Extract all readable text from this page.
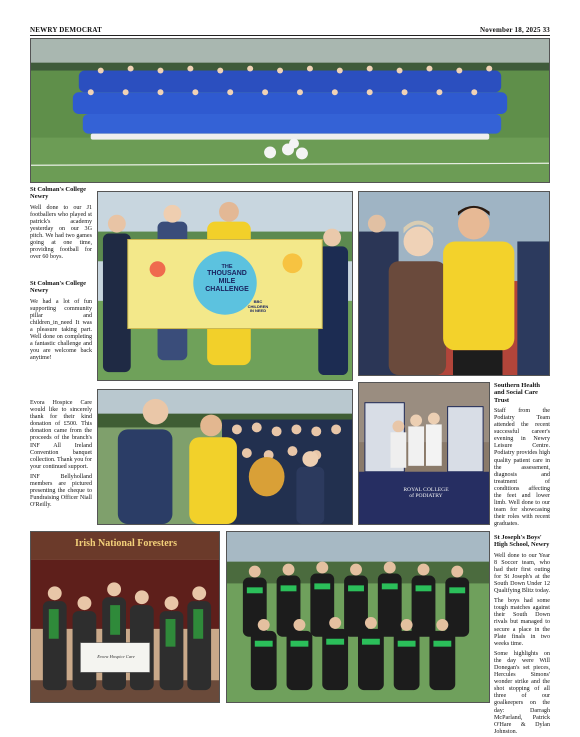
NEWRY DEMOCRAT	November 18, 2025 33
St Colman's College Newry

Well done to our J1 footballers who played st patrick's academy yesterday on our 3G pitch. We had two games going at one time, providing football for over 60 boys.

St Colman's College Newry

We had a lot of fun supporting community pillar and children_in_need It was a pleasure taking part. Well done on completing a fantastic challenge and you are welcome back anytime!

THE
THOUSAND
MILE
CHALLENGE
BBC
CHILDREN
IN NEED

Evora Hospice Care would like to sincerely thank for their kind donation of £500. This donation came from the proceeds of the branch's INF All Ireland Convention banquet collection. Thank you for your continued support.

INF Bellyholland members are pictured presenting the cheque to Fundraising Officer Niall O'Reilly.

ROYAL COLLEGE
of PODIATRY
Southern Health and Social Care Trust

Staff from the Podiatry Team attended the recent successful career's evening in Newry Leisure Centre. Podiatry provides high quality patient care in the assessment, diagnosis and treatment of conditions affecting the feet and lower limb. Well done to our team for showcasing their roles with recent graduates.

Irish National Foresters
Evora Hospice Care
St Joseph's Boys' High School, Newry

Well done to our Year 8 Soccer team, who had their first outing for St Joseph's at the South Down Under 12 Qualifying Blitz today.

The boys had some tough matches against their South Down rivals but managed to secure a place in the Plate finals in two weeks time.

Some highlights on the day were Will Donegan's set pieces, Hercules Simons' wonder strike and the shot stopping of all three of our goalkeepers on the day: Darragh McParland, Patrick O'Hare & Dylan Johnston.
